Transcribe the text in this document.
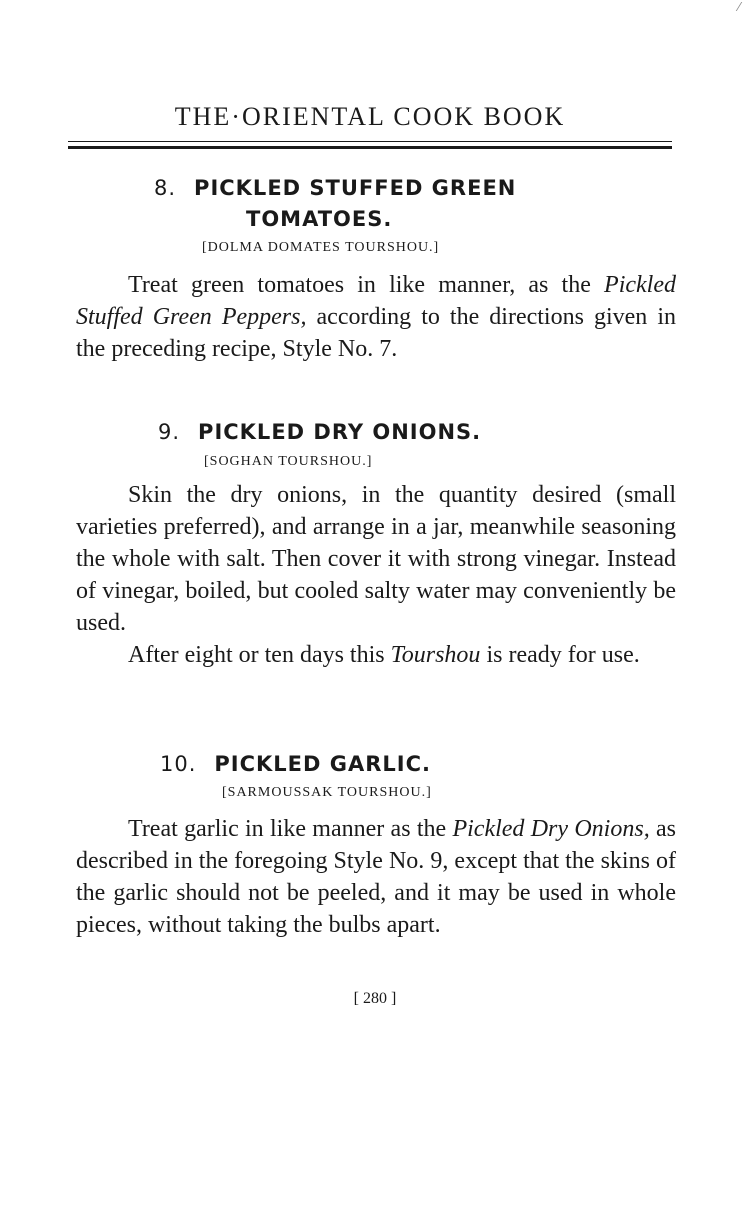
⁄
THE·ORIENTAL COOK BOOK
8. PICKLED STUFFED GREEN
TOMATOES.
[DOLMA DOMATES TOURSHOU.]

Treat green tomatoes in like manner, as the Pickled Stuffed Green Peppers, according to the directions given in the preceding recipe, Style No. 7.

9. PICKLED DRY ONIONS.
[SOGHAN TOURSHOU.]

Skin the dry onions, in the quantity desired (small varieties preferred), and arrange in a jar, meanwhile seasoning the whole with salt. Then cover it with strong vinegar. Instead of vinegar, boiled, but cooled salty water may conveniently be used.

After eight or ten days this Tourshou is ready for use.

10. PICKLED GARLIC.
[SARMOUSSAK TOURSHOU.]

Treat garlic in like manner as the Pickled Dry Onions, as described in the foregoing Style No. 9, except that the skins of the garlic should not be peeled, and it may be used in whole pieces, without taking the bulbs apart.

[ 280 ]
